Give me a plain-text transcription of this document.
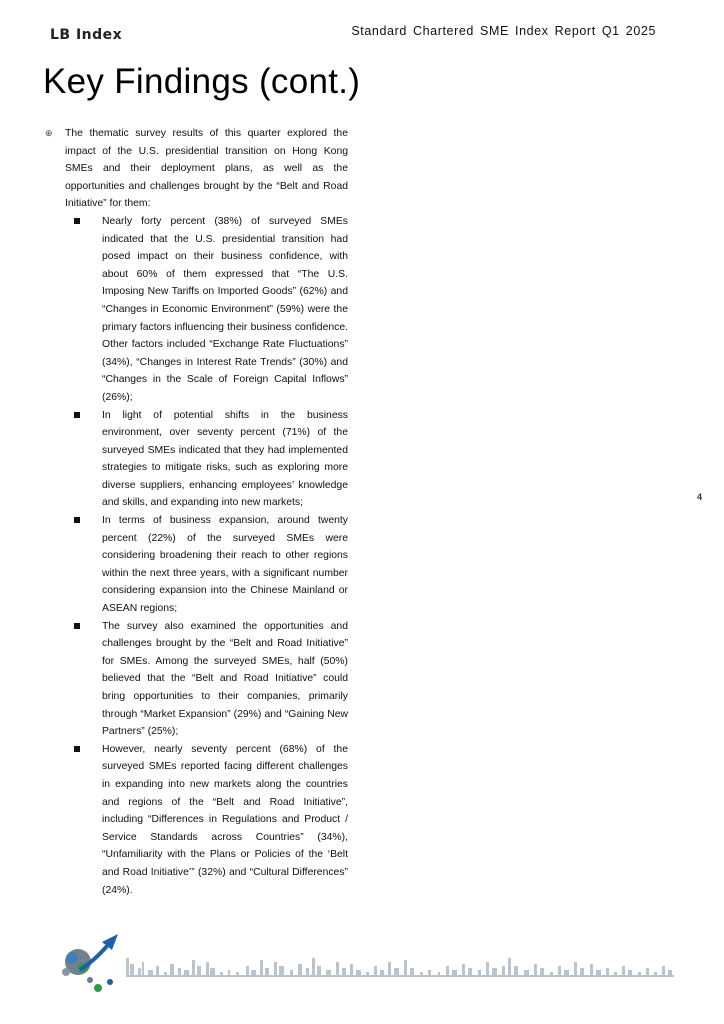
LB Index	Standard Chartered SME Index Report Q1 2025
Key Findings (cont.)
4

⊕ The thematic survey results of this quarter explored the impact of the U.S. presidential transition on Hong Kong SMEs and their deployment plans, as well as the opportunities and challenges brought by the “Belt and Road Initiative” for them:

Nearly forty percent (38%) of surveyed SMEs indicated that the U.S. presidential transition had posed impact on their business confidence, with about 60% of them expressed that “The U.S. Imposing New Tariffs on Imported Goods” (62%) and “Changes in Economic Environment” (59%) were the primary factors influencing their business confidence. Other factors included “Exchange Rate Fluctuations” (34%), “Changes in Interest Rate Trends” (30%) and “Changes in the Scale of Foreign Capital Inflows” (26%);
In light of potential shifts in the business environment, over seventy percent (71%) of the surveyed SMEs indicated that they had implemented strategies to mitigate risks, such as exploring more diverse suppliers, enhancing employees’ knowledge and skills, and expanding into new markets;
In terms of business expansion, around twenty percent (22%) of the surveyed SMEs were considering broadening their reach to other regions within the next three years, with a significant number considering expansion into the Chinese Mainland or ASEAN regions;
The survey also examined the opportunities and challenges brought by the “Belt and Road Initiative” for SMEs. Among the surveyed SMEs, half (50%) believed that the “Belt and Road Initiative” could bring opportunities to their companies, primarily through “Market Expansion” (29%) and “Gaining New Partners” (25%);
However, nearly seventy percent (68%) of the surveyed SMEs reported facing different challenges in expanding into new markets along the countries and regions of the “Belt and Road Initiative”, including “Differences in Regulations and Product / Service Standards across Countries” (34%), “Unfamiliarity with the Plans or Policies of the ‘Belt and Road Initiative’” (32%) and “Cultural Differences” (24%).
